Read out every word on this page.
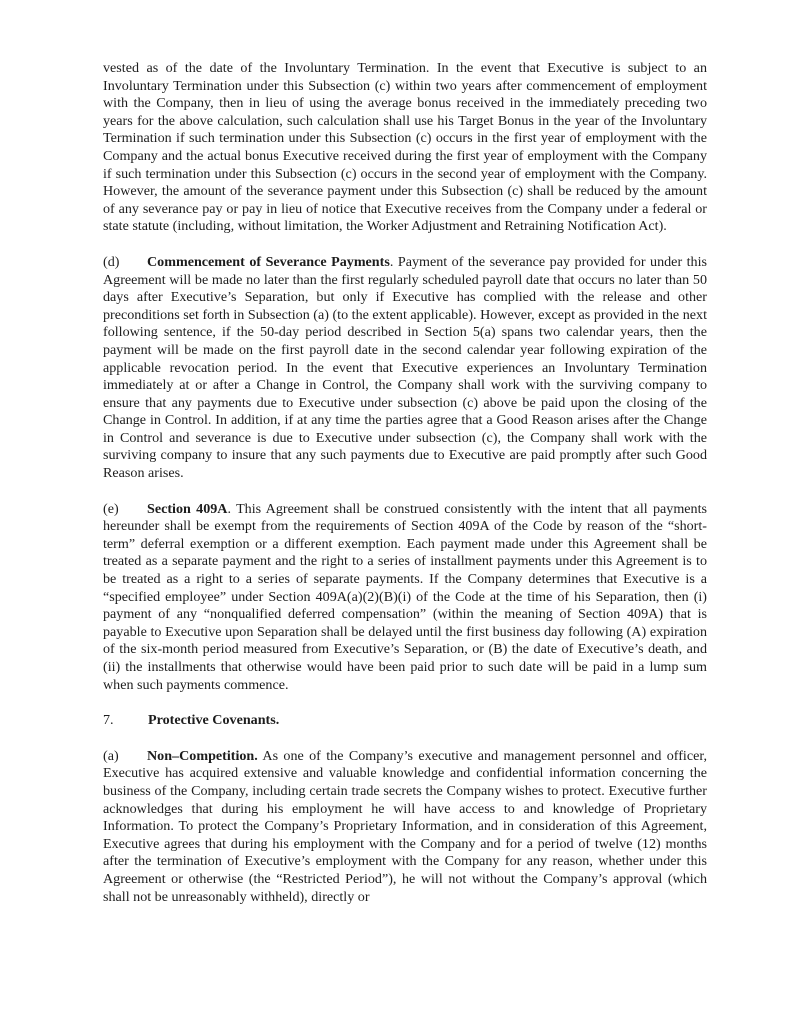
vested as of the date of the Involuntary Termination. In the event that Executive is subject to an Involuntary Termination under this Subsection (c) within two years after commencement of employment with the Company, then in lieu of using the average bonus received in the immediately preceding two years for the above calculation, such calculation shall use his Target Bonus in the year of the Involuntary Termination if such termination under this Subsection (c) occurs in the first year of employment with the Company and the actual bonus Executive received during the first year of employment with the Company if such termination under this Subsection (c) occurs in the second year of employment with the Company. However, the amount of the severance payment under this Subsection (c) shall be reduced by the amount of any severance pay or pay in lieu of notice that Executive receives from the Company under a federal or state statute (including, without limitation, the Worker Adjustment and Retraining Notification Act).

(d) Commencement of Severance Payments. Payment of the severance pay provided for under this Agreement will be made no later than the first regularly scheduled payroll date that occurs no later than 50 days after Executive’s Separation, but only if Executive has complied with the release and other preconditions set forth in Subsection (a) (to the extent applicable). However, except as provided in the next following sentence, if the 50-day period described in Section 5(a) spans two calendar years, then the payment will be made on the first payroll date in the second calendar year following expiration of the applicable revocation period. In the event that Executive experiences an Involuntary Termination immediately at or after a Change in Control, the Company shall work with the surviving company to ensure that any payments due to Executive under subsection (c) above be paid upon the closing of the Change in Control. In addition, if at any time the parties agree that a Good Reason arises after the Change in Control and severance is due to Executive under subsection (c), the Company shall work with the surviving company to insure that any such payments due to Executive are paid promptly after such Good Reason arises.

(e) Section 409A. This Agreement shall be construed consistently with the intent that all payments hereunder shall be exempt from the requirements of Section 409A of the Code by reason of the “short-term” deferral exemption or a different exemption. Each payment made under this Agreement shall be treated as a separate payment and the right to a series of installment payments under this Agreement is to be treated as a right to a series of separate payments. If the Company determines that Executive is a “specified employee” under Section 409A(a)(2)(B)(i) of the Code at the time of his Separation, then (i) payment of any “nonqualified deferred compensation” (within the meaning of Section 409A) that is payable to Executive upon Separation shall be delayed until the first business day following (A) expiration of the six-month period measured from Executive’s Separation, or (B) the date of Executive’s death, and (ii) the installments that otherwise would have been paid prior to such date will be paid in a lump sum when such payments commence.

7. Protective Covenants.

(a) Non–Competition. As one of the Company’s executive and management personnel and officer, Executive has acquired extensive and valuable knowledge and confidential information concerning the business of the Company, including certain trade secrets the Company wishes to protect. Executive further acknowledges that during his employment he will have access to and knowledge of Proprietary Information. To protect the Company’s Proprietary Information, and in consideration of this Agreement, Executive agrees that during his employment with the Company and for a period of twelve (12) months after the termination of Executive’s employment with the Company for any reason, whether under this Agreement or otherwise (the “Restricted Period”), he will not without the Company’s approval (which shall not be unreasonably withheld), directly or
